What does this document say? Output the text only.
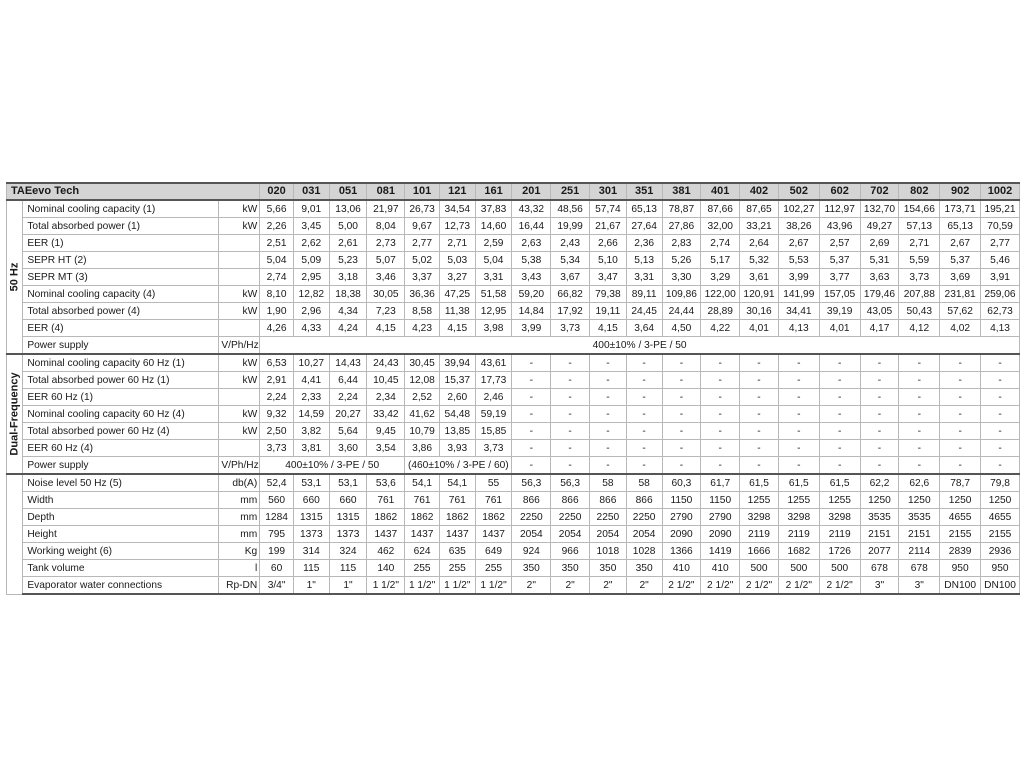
TAEevo Tech			020	031	051	081	101	121	161	201	251	301	351	381	401	402	502	602	702	802	902	1002

50 Hz	Nominal cooling capacity (1)	kW	5,66	9,01	13,06	21,97	26,73	34,54	37,83	43,32	48,56	57,74	65,13	78,87	87,66	87,65	102,27	112,97	132,70	154,66	173,71	195,21
	Total absorbed power (1)	kW	2,26	3,45	5,00	8,04	9,67	12,73	14,60	16,44	19,99	21,67	27,64	27,86	32,00	33,21	38,26	43,96	49,27	57,13	65,13	70,59
	EER (1)		2,51	2,62	2,61	2,73	2,77	2,71	2,59	2,63	2,43	2,66	2,36	2,83	2,74	2,64	2,67	2,57	2,69	2,71	2,67	2,77
	SEPR HT (2)		5,04	5,09	5,23	5,07	5,02	5,03	5,04	5,38	5,34	5,10	5,13	5,26	5,17	5,32	5,53	5,37	5,31	5,59	5,37	5,46
	SEPR MT (3)		2,74	2,95	3,18	3,46	3,37	3,27	3,31	3,43	3,67	3,47	3,31	3,30	3,29	3,61	3,99	3,77	3,63	3,73	3,69	3,91
	Nominal cooling capacity (4)	kW	8,10	12,82	18,38	30,05	36,36	47,25	51,58	59,20	66,82	79,38	89,11	109,86	122,00	120,91	141,99	157,05	179,46	207,88	231,81	259,06
	Total absorbed power (4)	kW	1,90	2,96	4,34	7,23	8,58	11,38	12,95	14,84	17,92	19,11	24,45	24,44	28,89	30,16	34,41	39,19	43,05	50,43	57,62	62,73
	EER (4)		4,26	4,33	4,24	4,15	4,23	4,15	3,98	3,99	3,73	4,15	3,64	4,50	4,22	4,01	4,13	4,01	4,17	4,12	4,02	4,13
	Power supply	V/Ph/Hz	400±10% / 3-PE / 50																			

Dual-Frequency	Nominal cooling capacity 60 Hz (1)	kW	6,53	10,27	14,43	24,43	30,45	39,94	43,61	-	-	-	-	-	-	-	-	-	-	-	-	-
	Total absorbed power 60 Hz (1)	kW	2,91	4,41	6,44	10,45	12,08	15,37	17,73	-	-	-	-	-	-	-	-	-	-	-	-	-
	EER 60 Hz (1)		2,24	2,33	2,24	2,34	2,52	2,60	2,46	-	-	-	-	-	-	-	-	-	-	-	-	-
	Nominal cooling capacity 60 Hz (4)	kW	9,32	14,59	20,27	33,42	41,62	54,48	59,19	-	-	-	-	-	-	-	-	-	-	-	-	-
	Total absorbed power 60 Hz (4)	kW	2,50	3,82	5,64	9,45	10,79	13,85	15,85	-	-	-	-	-	-	-	-	-	-	-	-	-
	EER 60 Hz (4)		3,73	3,81	3,60	3,54	3,86	3,93	3,73	-	-	-	-	-	-	-	-	-	-	-	-	-
	Power supply	V/Ph/Hz	400±10% / 3-PE / 50				(460±10% / 3-PE / 60)			-	-	-	-	-	-	-	-	-	-	-	-	-

	Noise level 50 Hz (5)	db(A)	52,4	53,1	53,1	53,6	54,1	54,1	55	56,3	56,3	58	58	60,3	61,7	61,5	61,5	61,5	62,2	62,6	78,7	79,8
	Width	mm	560	660	660	761	761	761	761	866	866	866	866	1150	1150	1255	1255	1255	1250	1250	1250	1250
	Depth	mm	1284	1315	1315	1862	1862	1862	1862	2250	2250	2250	2250	2790	2790	3298	3298	3298	3535	3535	4655	4655
	Height	mm	795	1373	1373	1437	1437	1437	1437	2054	2054	2054	2054	2090	2090	2119	2119	2119	2151	2151	2155	2155
	Working weight (6)	Kg	199	314	324	462	624	635	649	924	966	1018	1028	1366	1419	1666	1682	1726	2077	2114	2839	2936
	Tank volume	l	60	115	115	140	255	255	255	350	350	350	350	410	410	500	500	500	678	678	950	950
	Evaporator water connections	Rp-DN	3/4"	1"	1"	1 1/2"	1 1/2"	1 1/2"	1 1/2"	2"	2"	2"	2"	2 1/2"	2 1/2"	2 1/2"	2 1/2"	2 1/2"	3"	3"	DN100	DN100
